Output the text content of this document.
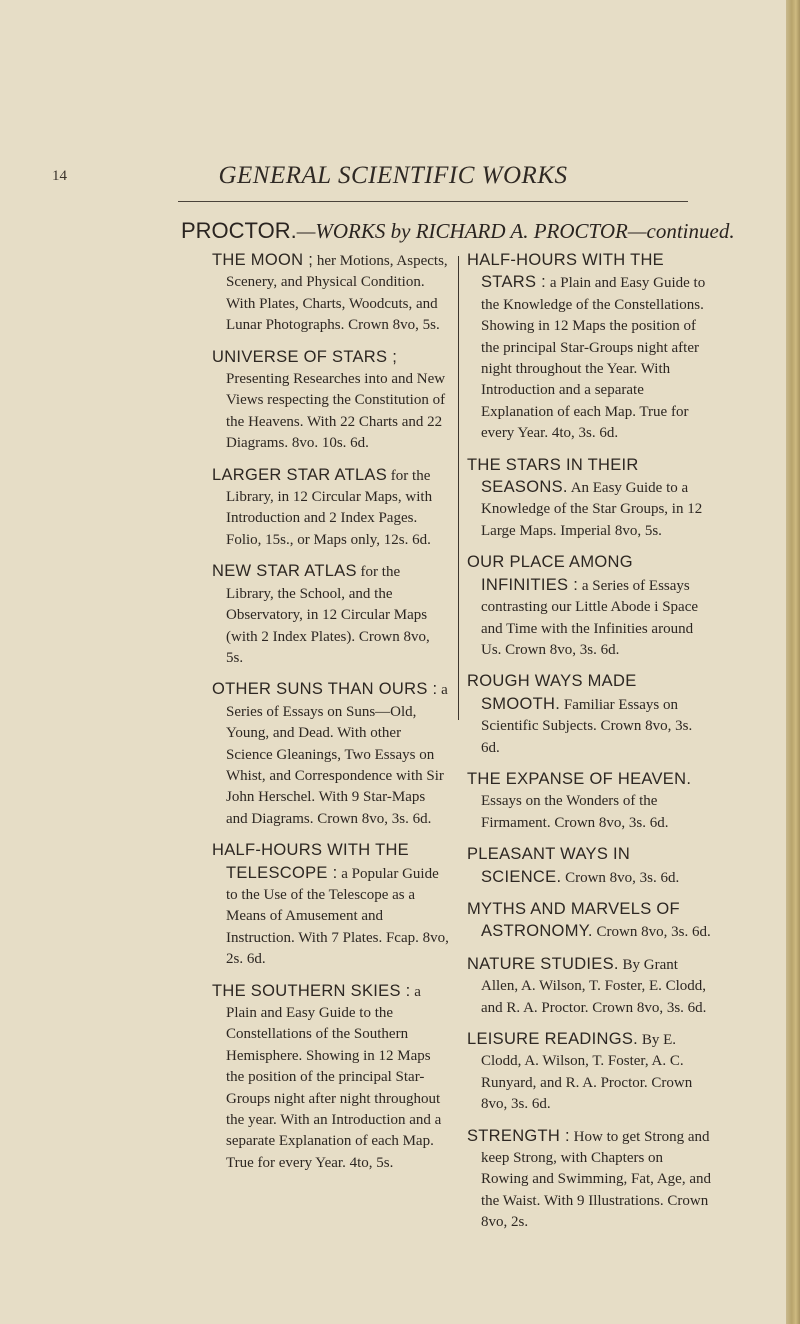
14	GENERAL SCIENTIFIC WORKS
PROCTOR.—WORKS by RICHARD A. PROCTOR—continued.
THE MOON ; her Motions, Aspects, Scenery, and Physical Condition. With Plates, Charts, Woodcuts, and Lunar Photographs. Crown 8vo, 5s.
UNIVERSE OF STARS ; Presenting Researches into and New Views respecting the Constitution of the Heavens. With 22 Charts and 22 Diagrams. 8vo. 10s. 6d.
LARGER STAR ATLAS for the Library, in 12 Circular Maps, with Introduction and 2 Index Pages. Folio, 15s., or Maps only, 12s. 6d.
NEW STAR ATLAS for the Library, the School, and the Observatory, in 12 Circular Maps (with 2 Index Plates). Crown 8vo, 5s.
OTHER SUNS THAN OURS : a Series of Essays on Suns—Old, Young, and Dead. With other Science Gleanings, Two Essays on Whist, and Correspondence with Sir John Herschel. With 9 Star-Maps and Diagrams. Crown 8vo, 3s. 6d.
HALF-HOURS WITH THE TELESCOPE : a Popular Guide to the Use of the Telescope as a Means of Amusement and Instruction. With 7 Plates. Fcap. 8vo, 2s. 6d.
THE SOUTHERN SKIES : a Plain and Easy Guide to the Constellations of the Southern Hemisphere. Showing in 12 Maps the position of the principal Star-Groups night after night throughout the year. With an Introduction and a separate Explanation of each Map. True for every Year. 4to, 5s.
HALF-HOURS WITH THE STARS : a Plain and Easy Guide to the Knowledge of the Constellations. Showing in 12 Maps the position of the principal Star-Groups night after night throughout the Year. With Introduction and a separate Explanation of each Map. True for every Year. 4to, 3s. 6d.
THE STARS IN THEIR SEASONS. An Easy Guide to a Knowledge of the Star Groups, in 12 Large Maps. Imperial 8vo, 5s.
OUR PLACE AMONG INFINITIES : a Series of Essays contrasting our Little Abode i Space and Time with the Infinities around Us. Crown 8vo, 3s. 6d.
ROUGH WAYS MADE SMOOTH. Familiar Essays on Scientific Subjects. Crown 8vo, 3s. 6d.
THE EXPANSE OF HEAVEN. Essays on the Wonders of the Firmament. Crown 8vo, 3s. 6d.
PLEASANT WAYS IN SCIENCE. Crown 8vo, 3s. 6d.
MYTHS AND MARVELS OF ASTRONOMY. Crown 8vo, 3s. 6d.
NATURE STUDIES. By Grant Allen, A. Wilson, T. Foster, E. Clodd, and R. A. Proctor. Crown 8vo, 3s. 6d.
LEISURE READINGS. By E. Clodd, A. Wilson, T. Foster, A. C. Runyard, and R. A. Proctor. Crown 8vo, 3s. 6d.
STRENGTH : How to get Strong and keep Strong, with Chapters on Rowing and Swimming, Fat, Age, and the Waist. With 9 Illustrations. Crown 8vo, 2s.
